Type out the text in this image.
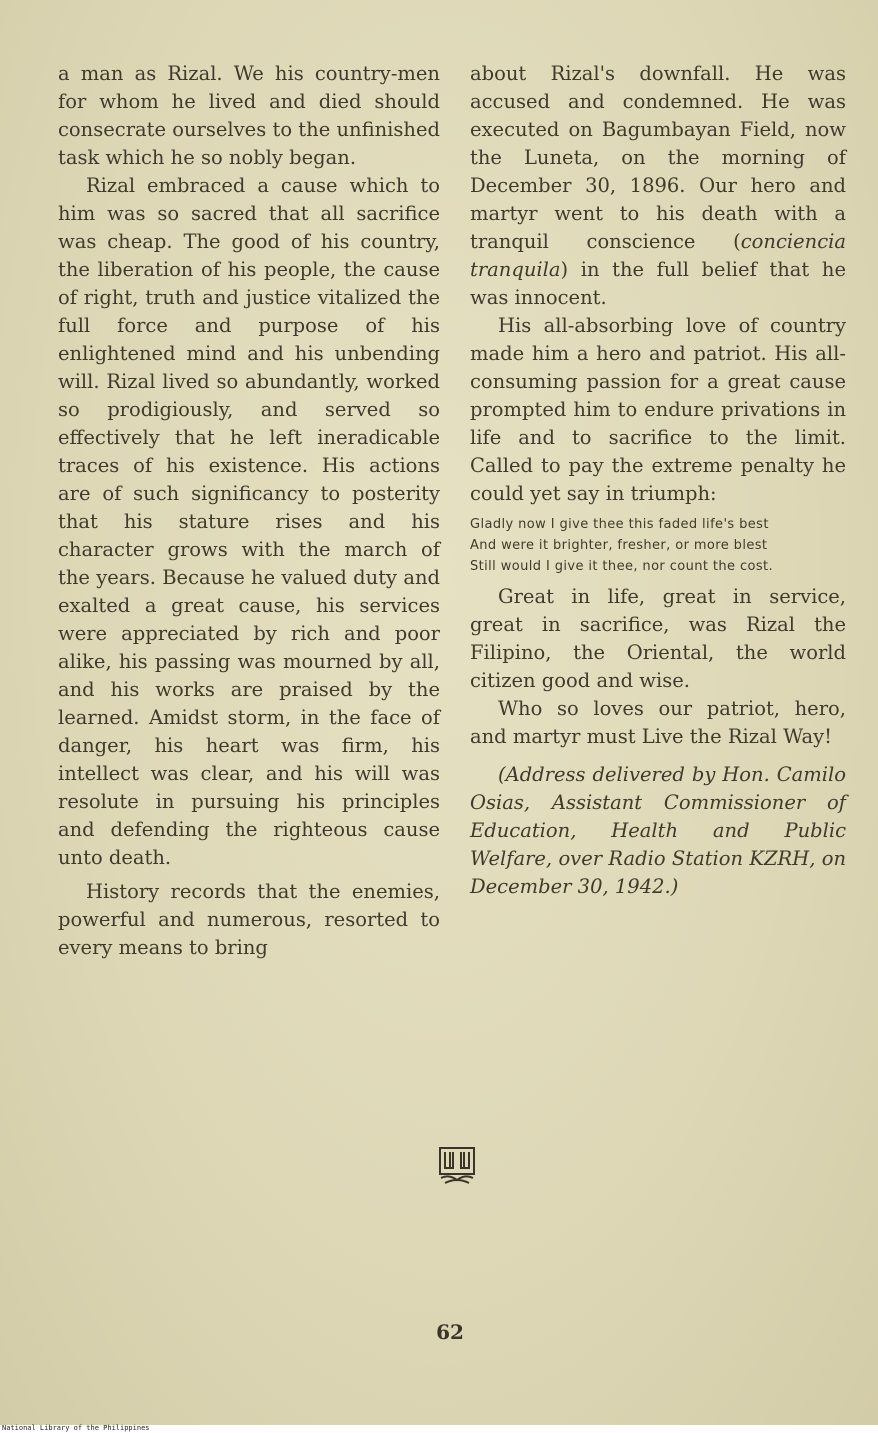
a man as Rizal. We his country-men for whom he lived and died should consecrate ourselves to the unfinished task which he so nobly began.

Rizal embraced a cause which to him was so sacred that all sacrifice was cheap. The good of his country, the liberation of his people, the cause of right, truth and justice vitalized the full force and purpose of his enlightened mind and his unbending will. Rizal lived so abundantly, worked so prodigiously, and served so effectively that he left ineradicable traces of his existence. His actions are of such significancy to posterity that his stature rises and his character grows with the march of the years. Because he valued duty and exalted a great cause, his services were appreciated by rich and poor alike, his passing was mourned by all, and his works are praised by the learned. Amidst storm, in the face of danger, his heart was firm, his intellect was clear, and his will was resolute in pursuing his principles and defending the righteous cause unto death.

History records that the enemies, powerful and numerous, resorted to every means to bring

about Rizal's downfall. He was accused and condemned. He was executed on Bagumbayan Field, now the Luneta, on the morning of December 30, 1896. Our hero and martyr went to his death with a tranquil conscience (conciencia tranquila) in the full belief that he was innocent.

His all-absorbing love of country made him a hero and patriot. His all-consuming passion for a great cause prompted him to endure privations in life and to sacrifice to the limit. Called to pay the extreme penalty he could yet say in triumph:

Gladly now I give thee this faded life's best

And were it brighter, fresher, or more blest

Still would I give it thee, nor count the cost.

Great in life, great in service, great in sacrifice, was Rizal the Filipino, the Oriental, the world citizen good and wise.

Who so loves our patriot, hero, and martyr must Live the Rizal Way!

(Address delivered by Hon. Camilo Osias, Assistant Commissioner of Education, Health and Public Welfare, over Radio Station KZRH, on December 30, 1942.)

62
National Library of the Philippines
